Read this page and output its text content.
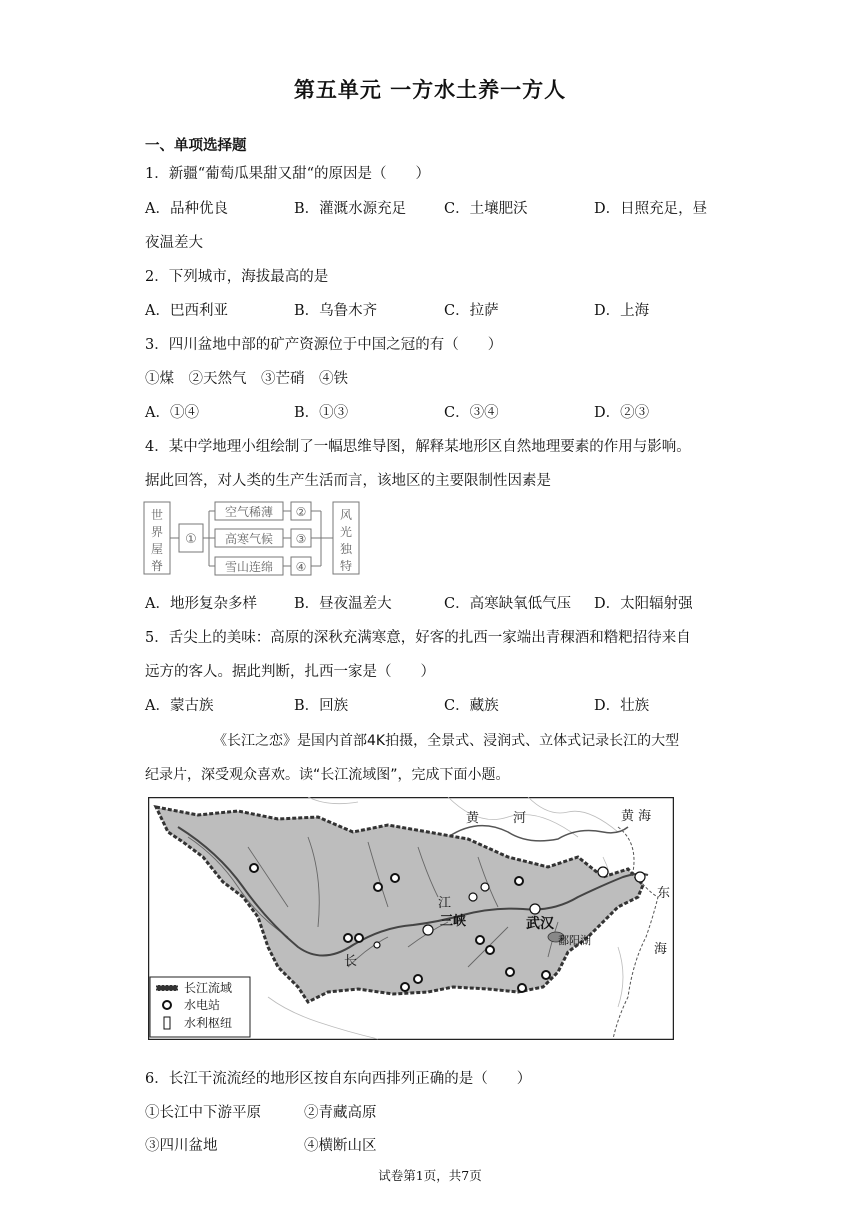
第五单元 一方水土养一方人
一、单项选择题
1．新疆“葡萄瓜果甜又甜“的原因是（　　）
A．品种优良	B．灌溉水源充足	C．土壤肥沃	D．日照充足，昼
夜温差大
2．下列城市，海拔最高的是
A．巴西利亚	B．乌鲁木齐	C．拉萨	D．上海
3．四川盆地中部的矿产资源位于中国之冠的有（　　）
①煤　②天然气　③芒硝　④铁
A．①④	B．①③	C．③④	D．②③
4．某中学地理小组绘制了一幅思维导图，解释某地形区自然地理要素的作用与影响。
据此回答，对人类的生产生活而言，该地区的主要限制性因素是
世
界
屋
脊
①
空气稀薄
高寒气候
雪山连绵
②
③
④
风
光
独
特
A．地形复杂多样	B．昼夜温差大	C．高寒缺氧低气压 D．太阳辐射强
5．舌尖上的美味：高原的深秋充满寒意，好客的扎西一家端出青稞酒和糌粑招待来自
远方的客人。据此判断，扎西一家是（　　）
A．蒙古族	B．回族	C．藏族	D．壮族
《长江之恋》是国内首部4K拍摄，全景式、浸润式、立体式记录长江的大型
纪录片，深受观众喜欢。读“长江流域图”，完成下面小题。
黄	河	黄 海
江
三峡	武汉
鄱阳湖
东
海
长
长江流域
水电站
水利枢纽
6．长江干流流经的地形区按自东向西排列正确的是（　　）
①长江中下游平原	②青藏高原
③四川盆地	④横断山区
试卷第1页，共7页
